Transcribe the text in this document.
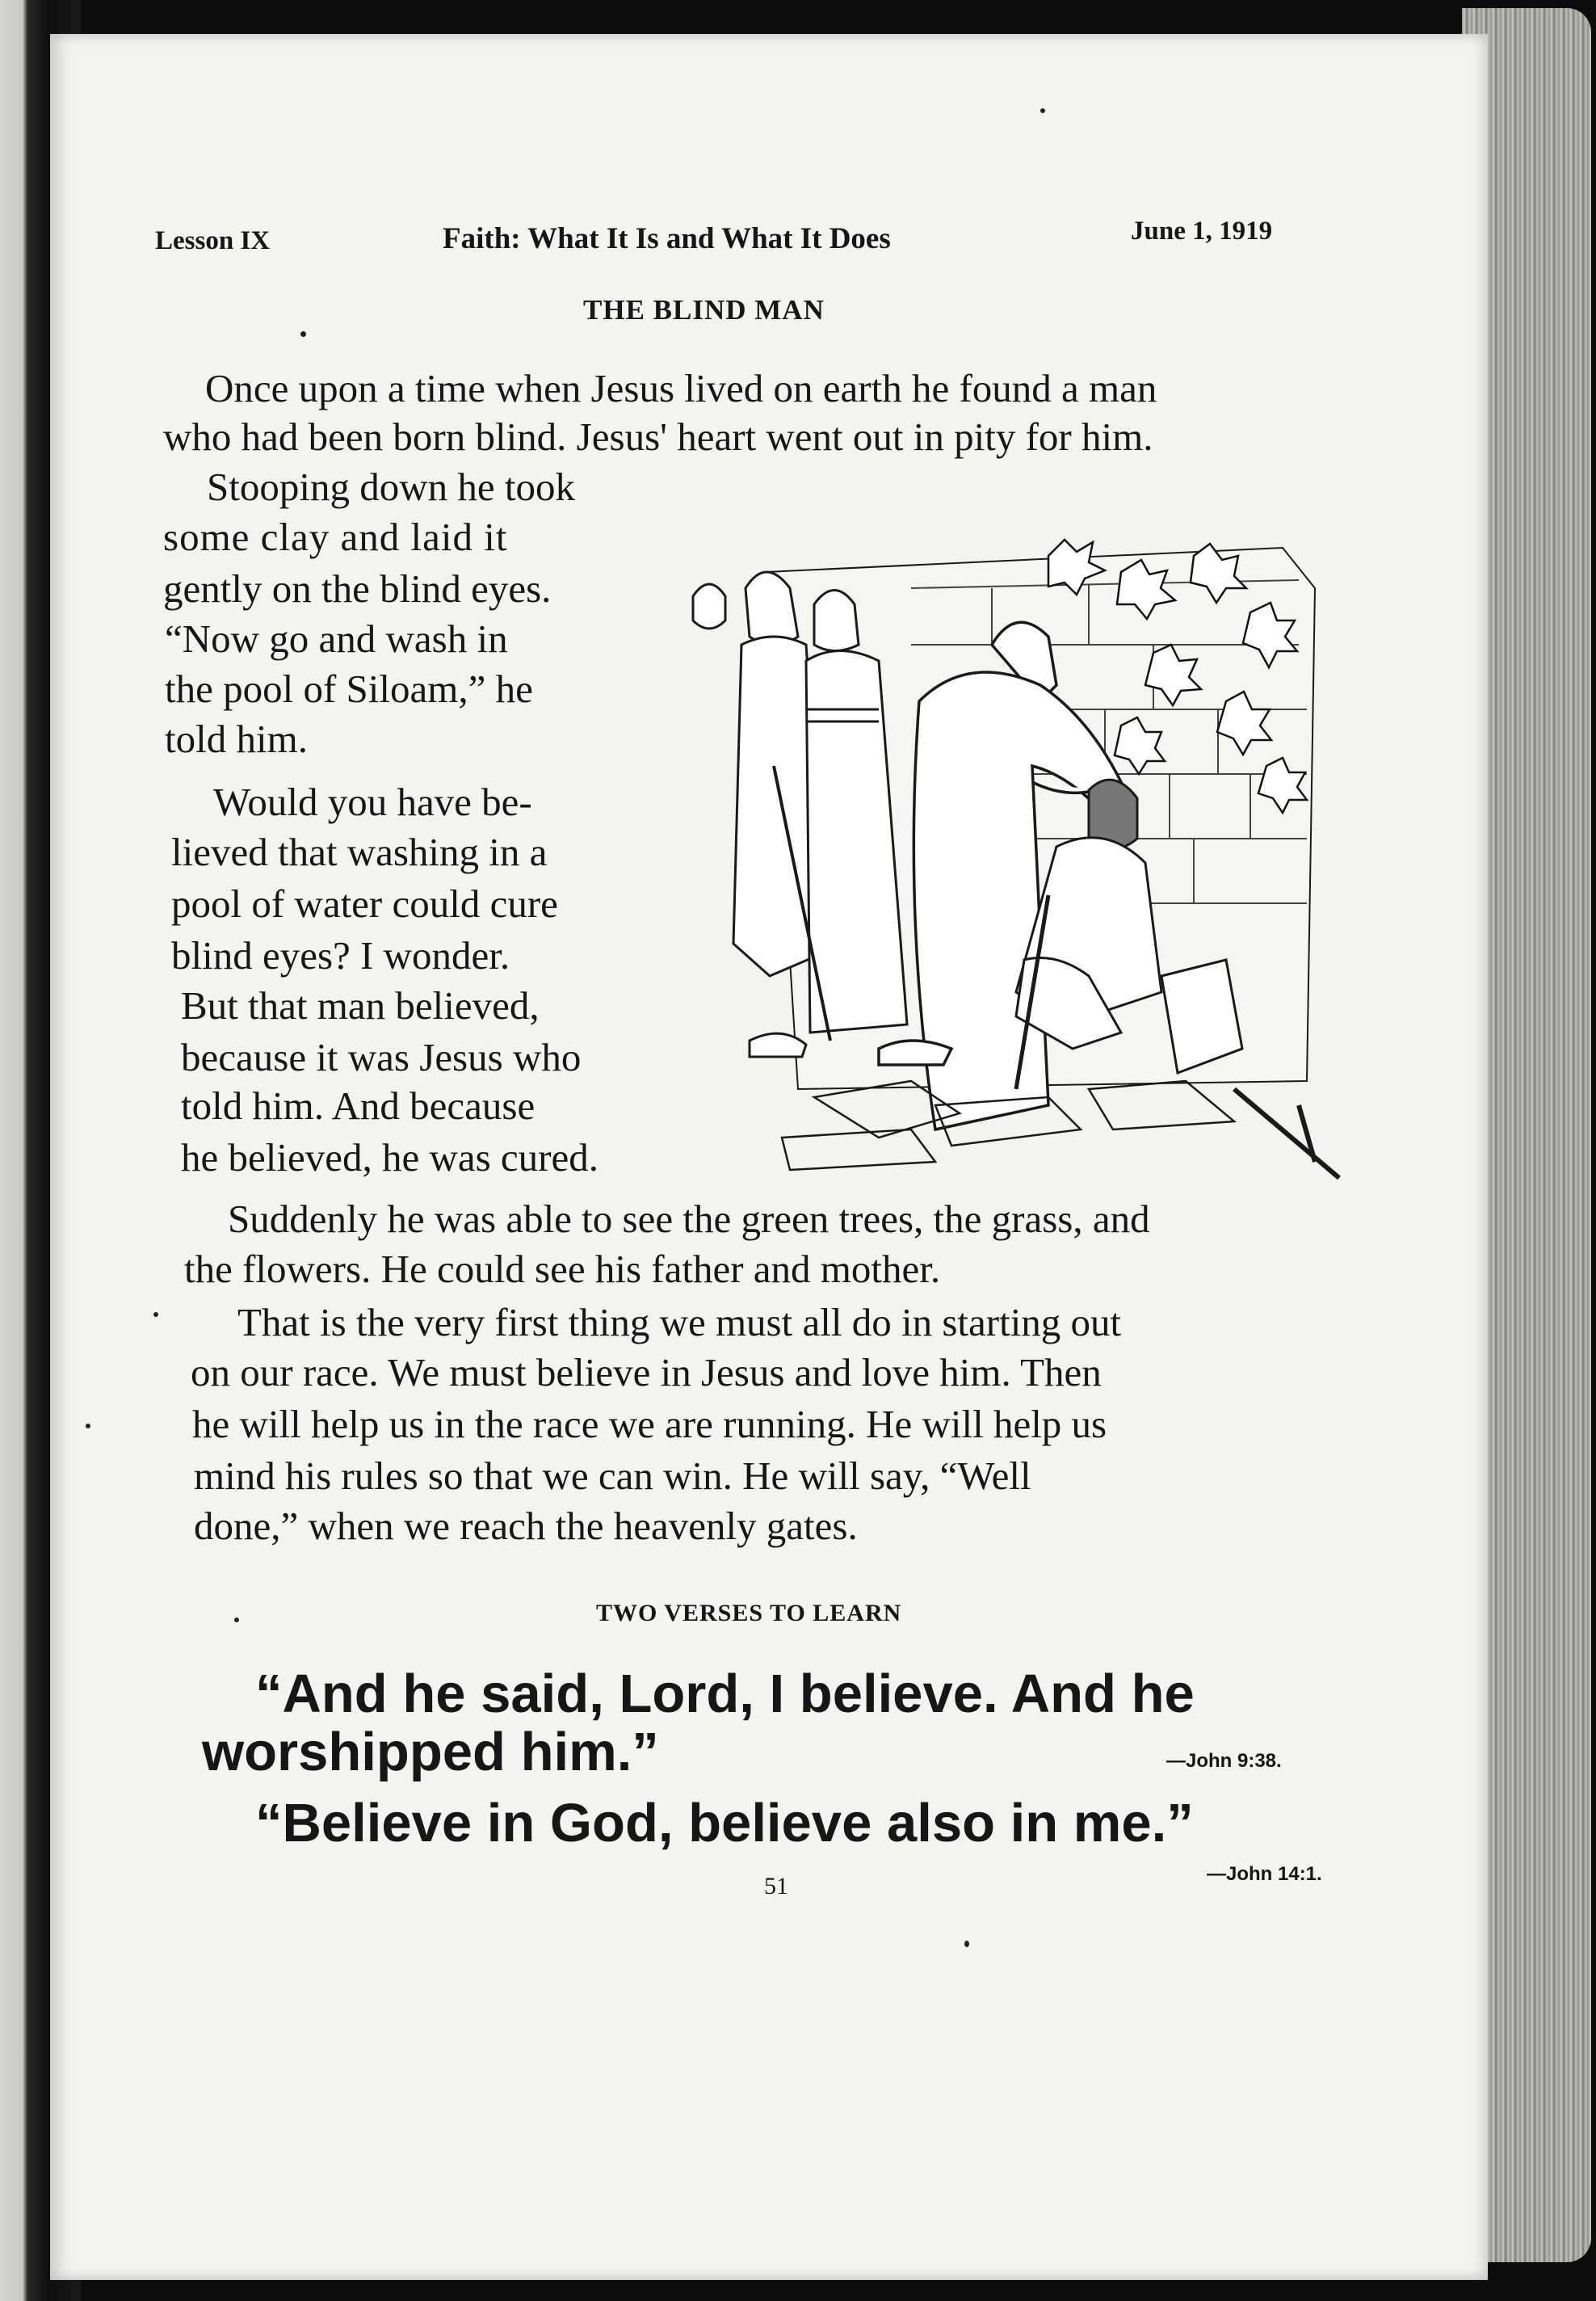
Lesson IX	Faith: What It Is and What It Does	June 1, 1919
THE BLIND MAN
Once upon a time when Jesus lived on earth he found a man
who had been born blind. Jesus' heart went out in pity for him.
Stooping down he took
some clay and laid it
gently on the blind eyes.
“Now go and wash in
the pool of Siloam,” he
told him.
Would you have be-
lieved that washing in a
pool of water could cure
blind eyes? I wonder.
But that man believed,
because it was Jesus who
told him. And because
he believed, he was cured.
Suddenly he was able to see the green trees, the grass, and
the flowers. He could see his father and mother.
That is the very first thing we must all do in starting out
on our race. We must believe in Jesus and love him. Then
he will help us in the race we are running. He will help us
mind his rules so that we can win. He will say, “Well
done,” when we reach the heavenly gates.
TWO VERSES TO LEARN
“And he said, Lord, I believe. And he
worshipped him.”	—John 9:38.
“Believe in God, believe also in me.”
—John 14:1.
51
